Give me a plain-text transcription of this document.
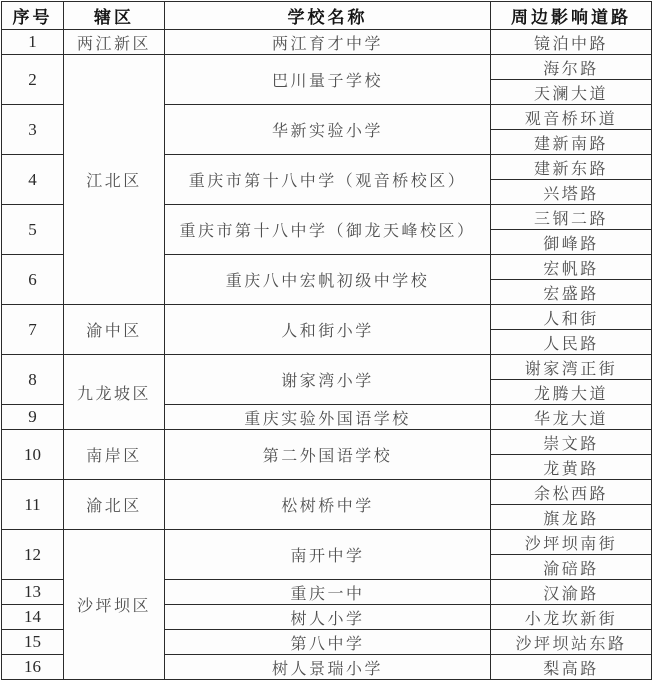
序号	辖区	学校名称	周边影响道路
1	两江新区	两江育才中学	镜泊中路
2	江北区	巴川量子学校	海尔路
			天澜大道
3		华新实验小学	观音桥环道
			建新南路
4		重庆市第十八中学（观音桥校区）	建新东路
			兴塔路
5		重庆市第十八中学（御龙天峰校区）	三钢二路
			御峰路
6		重庆八中宏帆初级中学校	宏帆路
			宏盛路
7	渝中区	人和街小学	人和街
			人民路
8	九龙坡区	谢家湾小学	谢家湾正街
			龙腾大道
9		重庆实验外国语学校	华龙大道
10	南岸区	第二外国语学校	崇文路
			龙黄路
11	渝北区	松树桥中学	余松西路
			旗龙路
12	沙坪坝区	南开中学	沙坪坝南街
			渝碚路
13		重庆一中	汉渝路
14		树人小学	小龙坎新街
15		第八中学	沙坪坝站东路
16		树人景瑞小学	梨高路
